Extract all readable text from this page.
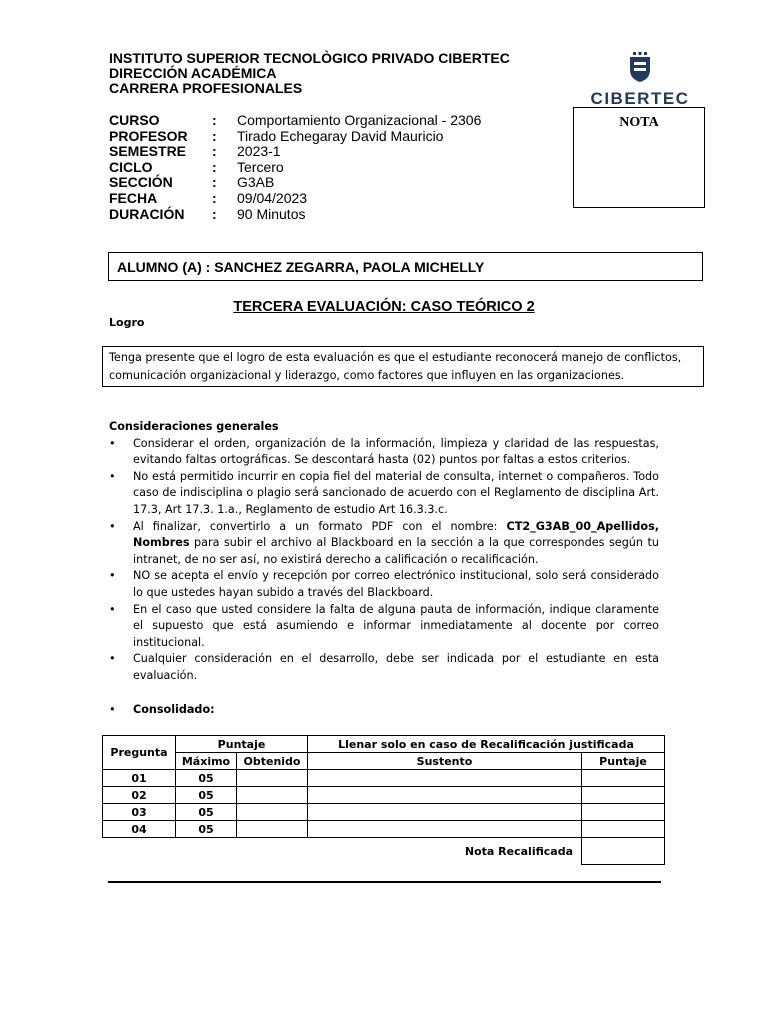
INSTITUTO SUPERIOR TECNOLÒGICO PRIVADO CIBERTEC
DIRECCIÓN ACADÉMICA
CARRERA PROFESIONALES
CIBERTEC
CURSO	:	Comportamiento Organizacional - 2306
PROFESOR	:	Tirado Echegaray David Mauricio
SEMESTRE	:	2023-1
CICLO	:	Tercero
SECCIÓN	:	G3AB
FECHA	:	09/04/2023
DURACIÓN	:	90 Minutos
NOTA
ALUMNO (A) : SANCHEZ ZEGARRA, PAOLA MICHELLY
TERCERA EVALUACIÓN: CASO TEÓRICO 2
Logro
Tenga presente que el logro de esta evaluación es que el estudiante reconocerá manejo de conflictos, comunicación organizacional y liderazgo, como factores que influyen en las organizaciones.
Consideraciones generales
• Considerar el orden, organización de la información, limpieza y claridad de las respuestas, evitando faltas ortográficas. Se descontará hasta (02) puntos por faltas a estos criterios.
• No está permitido incurrir en copia fiel del material de consulta, internet o compañeros. Todo caso de indisciplina o plagio será sancionado de acuerdo con el Reglamento de disciplina Art. 17.3, Art 17.3. 1.a., Reglamento de estudio Art 16.3.3.c.
• Al finalizar, convertirlo a un formato PDF con el nombre: CT2_G3AB_00_Apellidos, Nombres para subir el archivo al Blackboard en la sección a la que correspondes según tu intranet, de no ser así, no existirá derecho a calificación o recalificación.
• NO se acepta el envío y recepción por correo electrónico institucional, solo será considerado lo que ustedes hayan subido a través del Blackboard.
• En el caso que usted considere la falta de alguna pauta de información, indique claramente el supuesto que está asumiendo e informar inmediatamente al docente por correo institucional.
• Cualquier consideración en el desarrollo, debe ser indicada por el estudiante en esta evaluación.
• Consolidado:
Pregunta	Puntaje		Llenar solo en caso de Recalificación justificada	
	Máximo	Obtenido	Sustento	Puntaje
01	05			
02	05			
03	05			
04	05			
Nota Recalificada				
